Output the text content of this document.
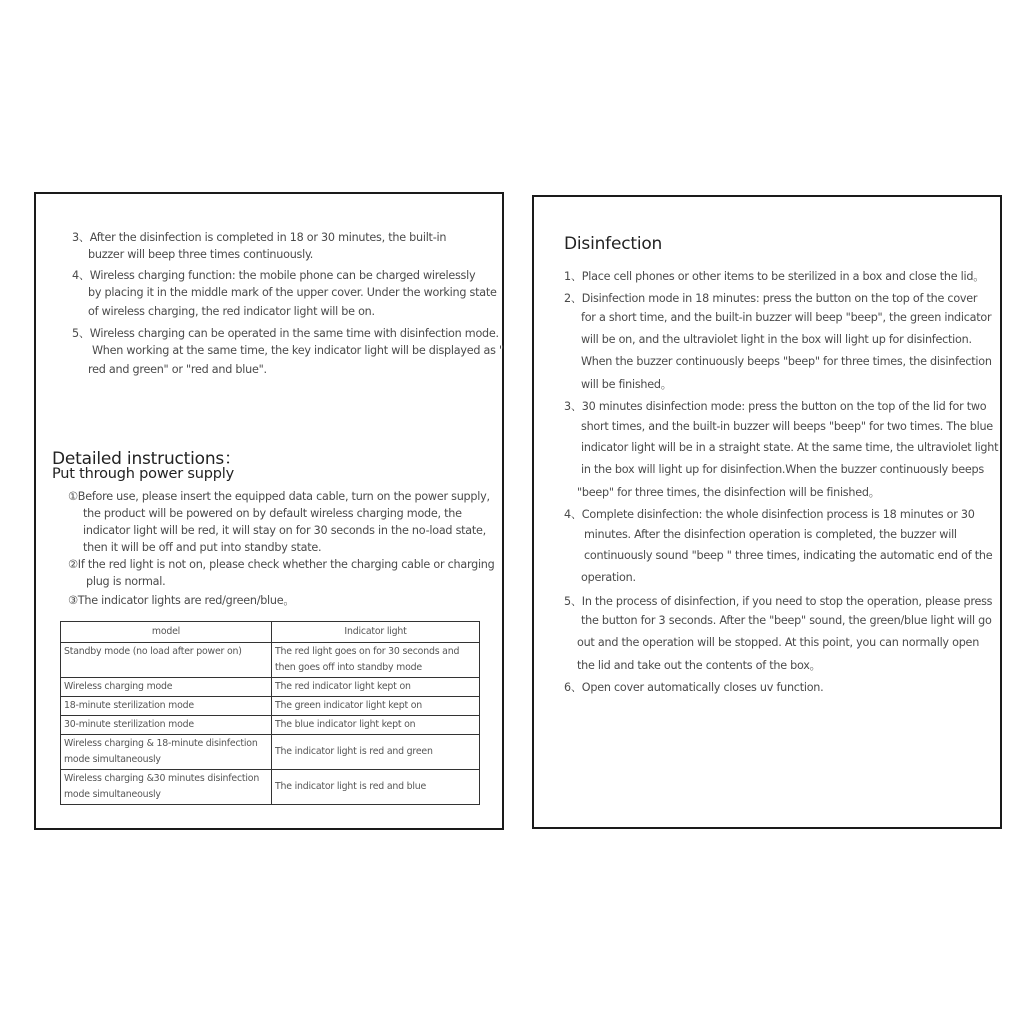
3、After the disinfection is completed in 18 or 30 minutes, the built-in
buzzer will beep three times continuously.
4、Wireless charging function: the mobile phone can be charged wirelessly
by placing it in the middle mark of the upper cover. Under the working state
of wireless charging, the red indicator light will be on.
5、Wireless charging can be operated in the same time with disinfection mode.
When working at the same time, the key indicator light will be displayed as "
red and green" or "red and blue".
Detailed instructions：
Put through power supply
①Before use, please insert the equipped data cable, turn on the power supply,
the product will be powered on by default wireless charging mode, the
indicator light will be red, it will stay on for 30 seconds in the no-load state,
then it will be off and put into standby state.
②If the red light is not on, please check whether the charging cable or charging
plug is normal.
③The indicator lights are red/green/blue。
model	Indicator light
Standby mode (no load after power on)	The red light goes on for 30 seconds and then goes off into standby mode
Wireless charging mode	The red indicator light kept on
18-minute sterilization mode	The green indicator light kept on
30-minute sterilization mode	The blue indicator light kept on
Wireless charging & 18-minute disinfection mode simultaneously	The indicator light is red and green
Wireless charging &30 minutes disinfection mode simultaneously	The indicator light is red and blue
Disinfection
1、Place cell phones or other items to be sterilized in a box and close the lid。
2、Disinfection mode in 18 minutes: press the button on the top of the cover
for a short time, and the built-in buzzer will beep "beep", the green indicator
will be on, and the ultraviolet light in the box will light up for disinfection.
When the buzzer continuously beeps "beep" for three times, the disinfection
will be finished。
3、30 minutes disinfection mode: press the button on the top of the lid for two
short times, and the built-in buzzer will beeps "beep" for two times. The blue
indicator light will be in a straight state. At the same time, the ultraviolet light
in the box will light up for disinfection.When the buzzer continuously beeps
"beep" for three times, the disinfection will be finished。
4、Complete disinfection: the whole disinfection process is 18 minutes or 30
minutes. After the disinfection operation is completed, the buzzer will
continuously sound "beep " three times, indicating the automatic end of the
operation.
5、In the process of disinfection, if you need to stop the operation, please press
the button for 3 seconds. After the "beep" sound, the green/blue light will go
out and the operation will be stopped. At this point, you can normally open
the lid and take out the contents of the box。
6、Open cover automatically closes uv function.
